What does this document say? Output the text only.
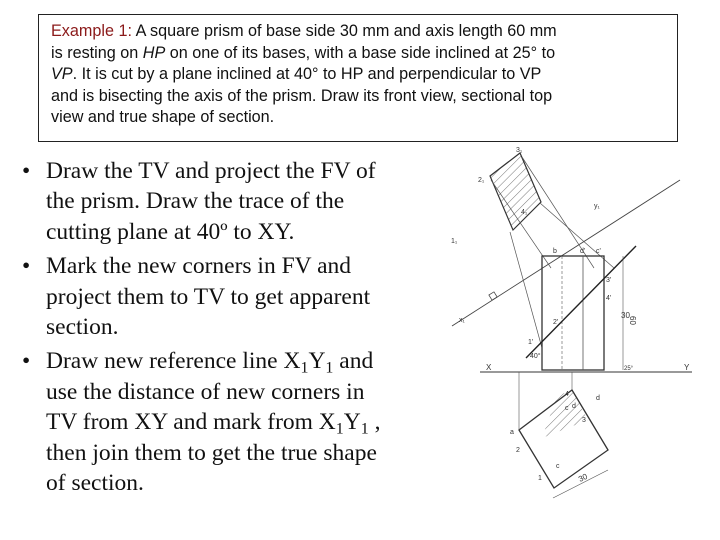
Example 1: A square prism of base side 30 mm and axis length 60 mm
is resting on HP on one of its bases, with a base side inclined at 25° to
VP. It is cut by a plane inclined at 40° to HP and perpendicular to VP
and is bisecting the axis of the prism. Draw its front view, sectional top
view and true shape of section.
• Draw the TV and project the FV of
the prism. Draw the trace of the
cutting plane at 40º to XY.
• Mark the new corners in FV and
project them to TV to get apparent
section.
• Draw new reference line $X_1Y_1$ and
use the distance of new corners in
TV from XY and mark from $X_1Y_1$ ,
then join them to get the true shape
of section.
3₁
2₁
4₁
1₁
x₁
y₁
b	d' c'
3'
4'
2'
1'
40°
30
60
X	Y
25°
c d
a
c
d
1
2
3
4
30
